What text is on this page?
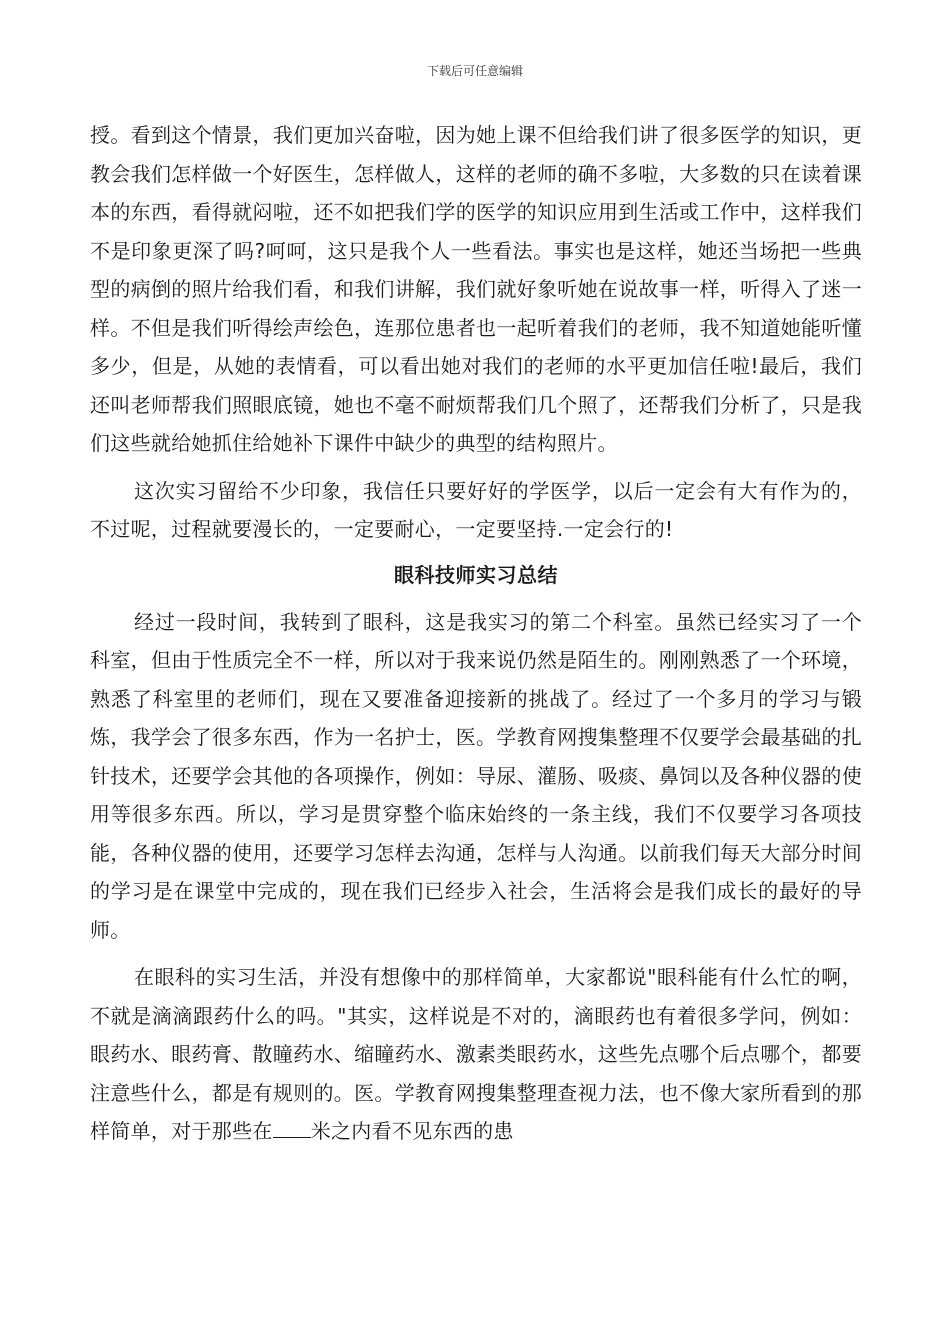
下载后可任意编辑

授。看到这个情景，我们更加兴奋啦，因为她上课不但给我们讲了很多医学的知识，更教会我们怎样做一个好医生，怎样做人，这样的老师的确不多啦，大多数的只在读着课本的东西，看得就闷啦，还不如把我们学的医学的知识应用到生活或工作中，这样我们不是印象更深了吗?呵呵，这只是我个人一些看法。事实也是这样，她还当场把一些典型的病倒的照片给我们看，和我们讲解，我们就好象听她在说故事一样，听得入了迷一样。不但是我们听得绘声绘色，连那位患者也一起听着我们的老师，我不知道她能听懂多少，但是，从她的表情看，可以看出她对我们的老师的水平更加信任啦!最后，我们还叫老师帮我们照眼底镜，她也不毫不耐烦帮我们几个照了，还帮我们分析了，只是我们这些就给她抓住给她补下课件中缺少的典型的结构照片。

这次实习留给不少印象，我信任只要好好的学医学，以后一定会有大有作为的，不过呢，过程就要漫长的，一定要耐心，一定要坚持.一定会行的!

眼科技师实习总结

经过一段时间，我转到了眼科，这是我实习的第二个科室。虽然已经实习了一个科室，但由于性质完全不一样，所以对于我来说仍然是陌生的。刚刚熟悉了一个环境，熟悉了科室里的老师们，现在又要准备迎接新的挑战了。经过了一个多月的学习与锻炼，我学会了很多东西，作为一名护士，医。学教育网搜集整理不仅要学会最基础的扎针技术，还要学会其他的各项操作，例如：导尿、灌肠、吸痰、鼻饲以及各种仪器的使用等很多东西。所以，学习是贯穿整个临床始终的一条主线，我们不仅要学习各项技能，各种仪器的使用，还要学习怎样去沟通，怎样与人沟通。以前我们每天大部分时间的学习是在课堂中完成的，现在我们已经步入社会，生活将会是我们成长的最好的导师。

在眼科的实习生活，并没有想像中的那样简单，大家都说"眼科能有什么忙的啊，不就是滴滴跟药什么的吗。"其实，这样说是不对的，滴眼药也有着很多学问，例如：眼药水、眼药膏、散瞳药水、缩瞳药水、激素类眼药水，这些先点哪个后点哪个，都要注意些什么，都是有规则的。医。学教育网搜集整理查视力法，也不像大家所看到的那样简单，对于那些在 米之内看不见东西的患
